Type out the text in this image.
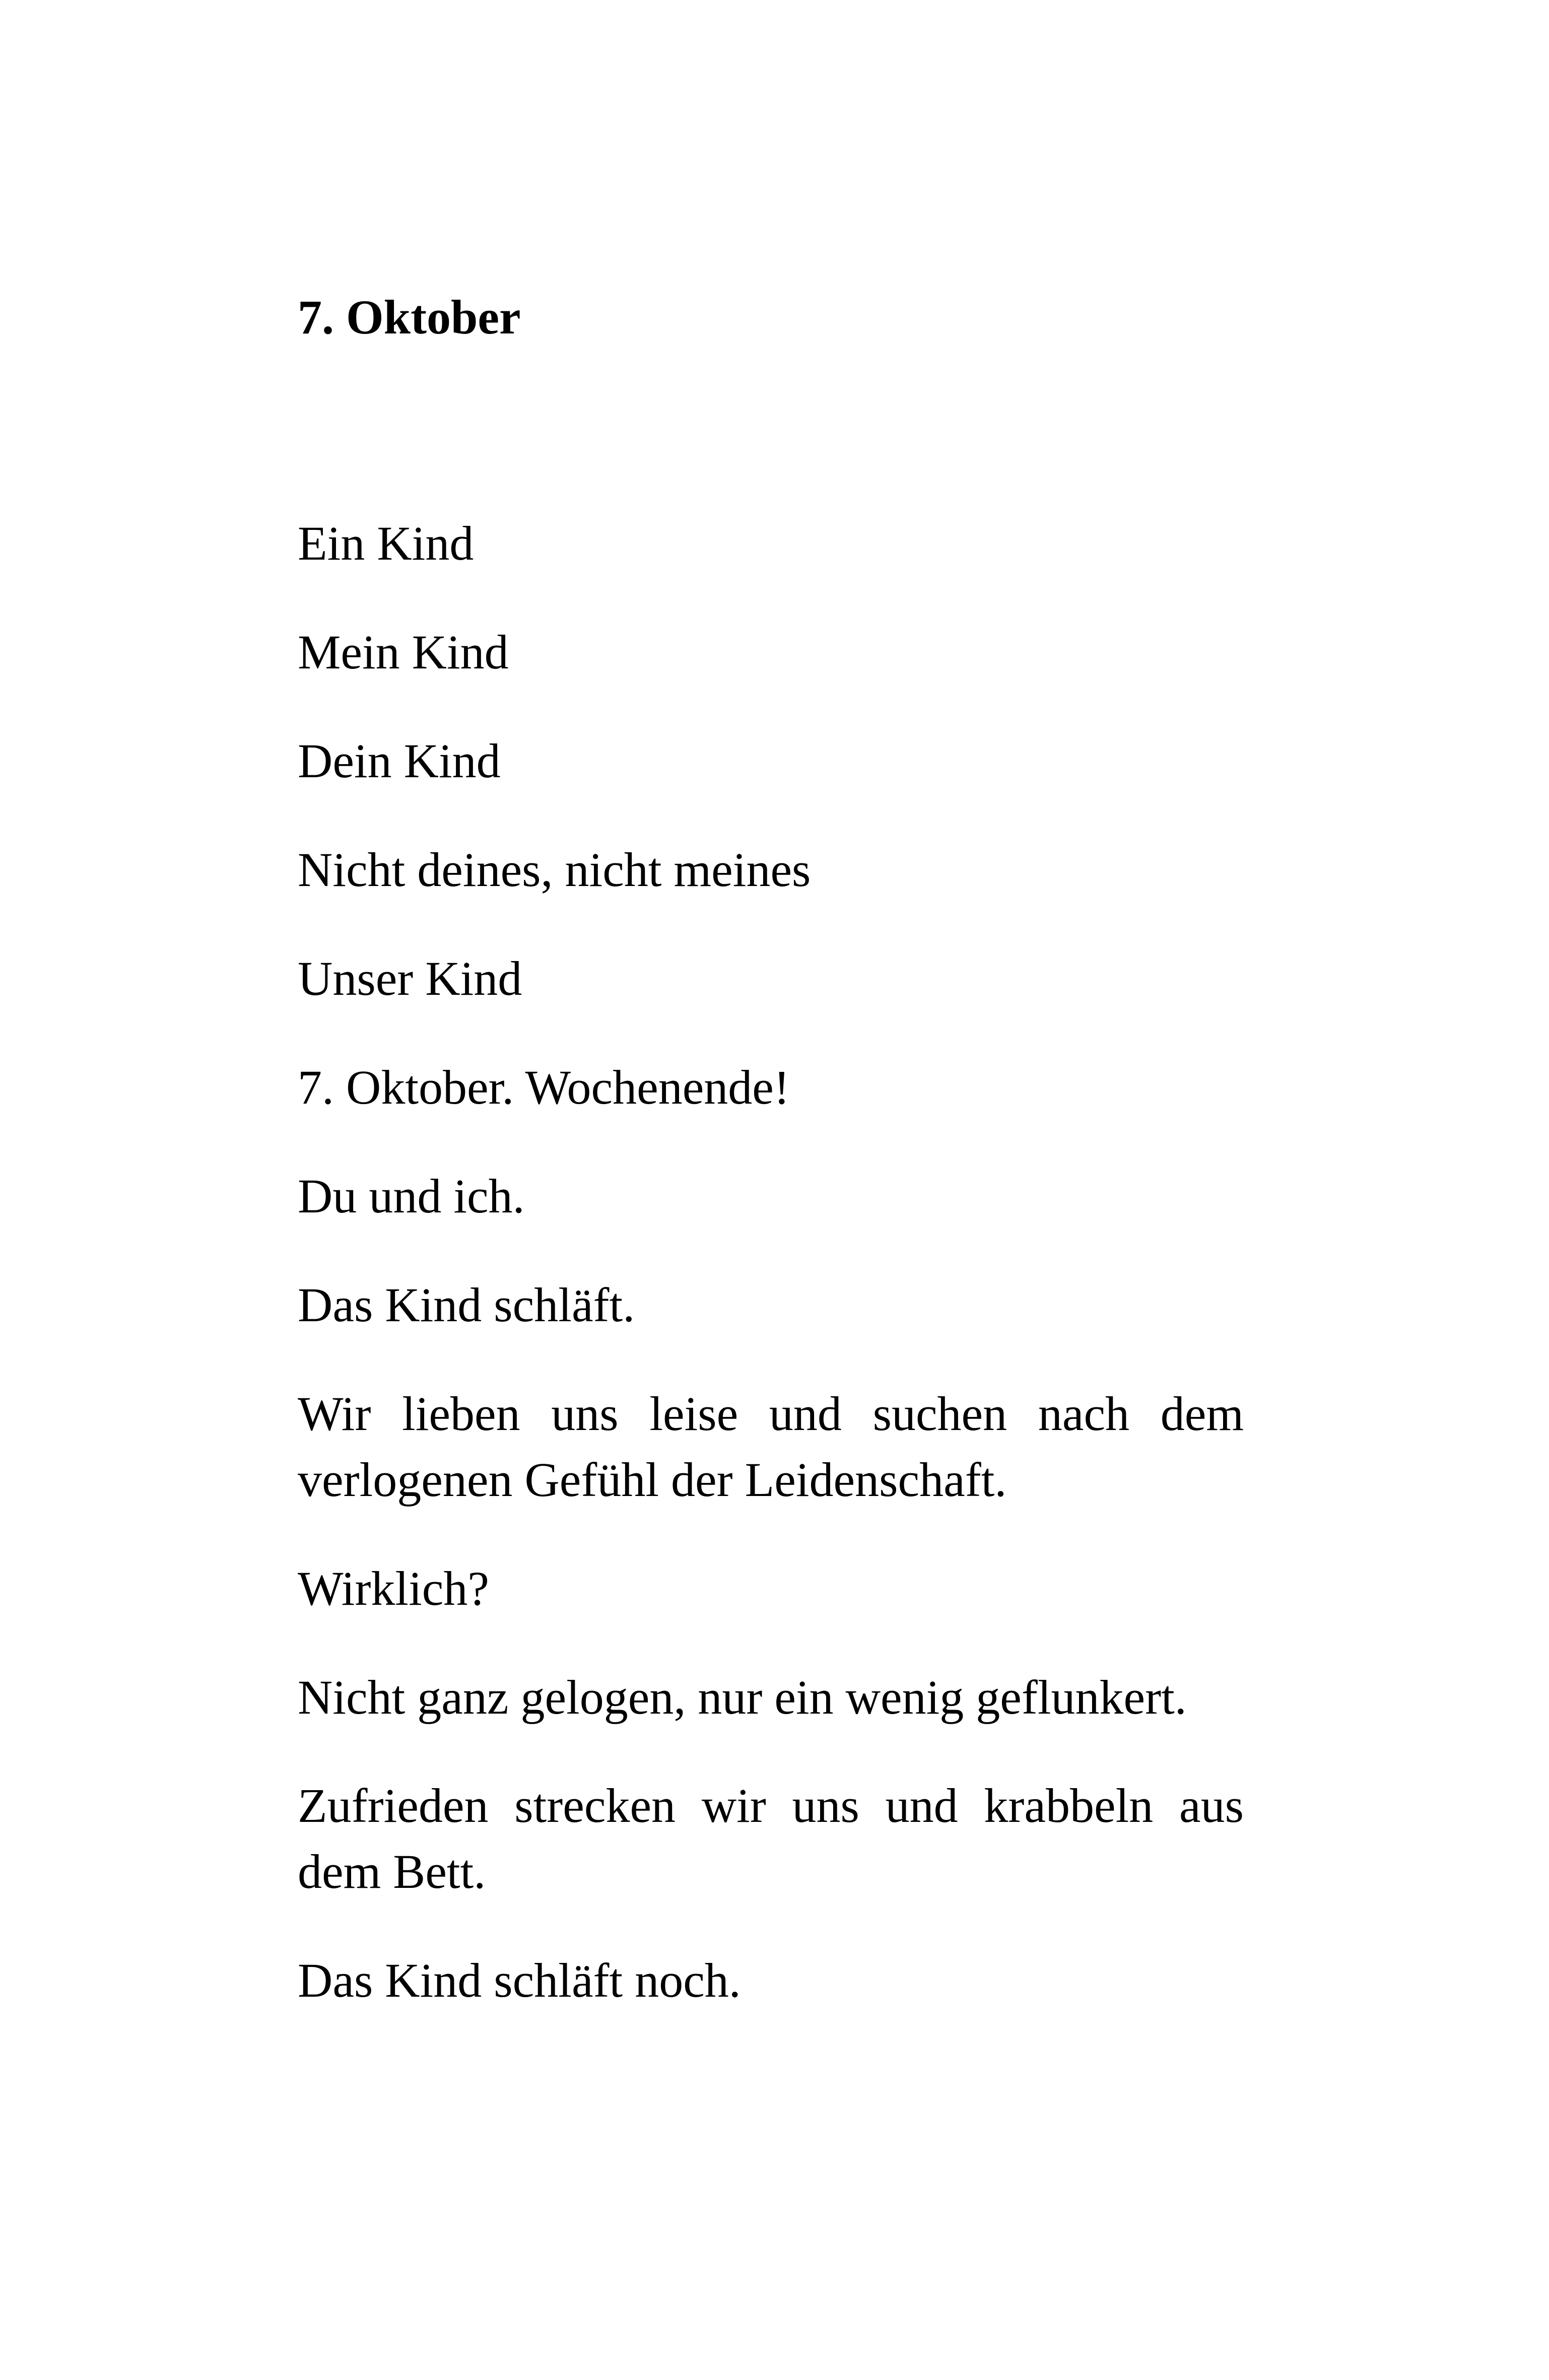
7. Oktober

Ein Kind

Mein Kind

Dein Kind

Nicht deines, nicht meines

Unser Kind

7. Oktober. Wochenende!

Du und ich.

Das Kind schläft.

Wir lieben uns leise und suchen nach dem verlogenen Gefühl der Leidenschaft.

Wirklich?

Nicht ganz gelogen, nur ein wenig geflunkert.

Zufrieden strecken wir uns und krabbeln aus dem Bett.

Das Kind schläft noch.
